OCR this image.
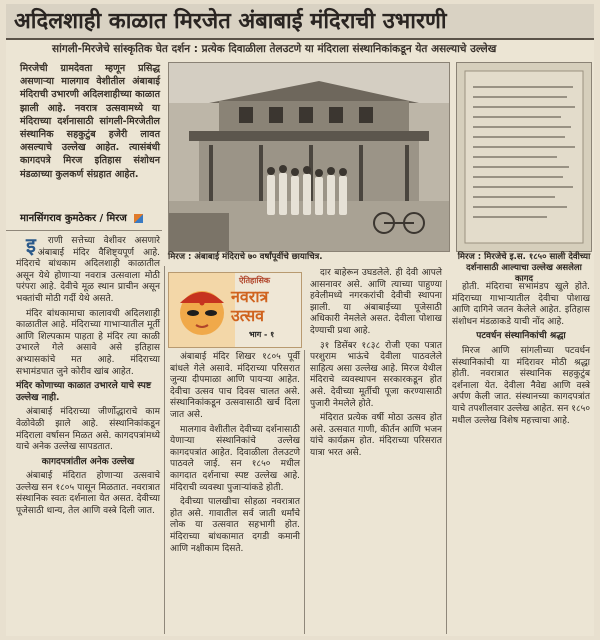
अदिलशाही काळात मिरजेत अंबाबाई मंदिराची उभारणी
सांगली-मिरजेचे सांस्कृतिक घेत दर्शन : प्रत्येक दिवाळीला तेलउटणे या मंदिराला संस्थानिकांकडून येत असल्याचे उल्लेख
मिरजेची ग्रामदेवता म्हणून प्रसिद्ध असणाऱ्या मालगाव वेशीतील अंबाबाई मंदिराची उभारणी अदिलशाहीच्या काळात झाली आहे. नवरात्र उत्सवामध्ये या मंदिराच्या दर्शनासाठी सांगली-मिरजेतील संस्थानिक सहकुटुंब हजेरी लावत असल्याचे उल्लेख आहेत. त्यासंबंधी कागदपत्रे मिरज इतिहास संशोधन मंडळाच्या कुलकर्ण संग्रहात आहेत.
मानसिंगराव कुमठेकर / मिरज
मिरज : अंबाबाई मंदिराचे ७० वर्षांपूर्वीचे छायाचित्र.	मिरज : मिरजेचे इ.स. १८५० साली देवीच्या दर्शनासाठी आल्याचा उल्लेख असलेला कागद
ऐतिहासिक
नवरात्र उत्सव
भाग - १

इराणी सत्तेच्या वेशीवर असणारे अंबाबाई मंदिर वैशिष्ट्यपूर्ण आहे. मंदिराचे बांधकाम अदिलशाही काळातील असून येथे होणाऱ्या नवरात्र उत्सवाला मोठी परंपरा आहे. देवीचे मूळ स्थान प्राचीन असून भक्तांची मोठी गर्दी येथे असते.

मंदिर बांधकामाचा कालावधी अदिलशाही काळातील आहे. मंदिराच्या गाभाऱ्यातील मूर्ती आणि शिल्पकाम पाहता हे मंदिर त्या काळी उभारले गेले असावे असे इतिहास अभ्यासकांचे मत आहे. मंदिराच्या सभामंडपात जुने कोरीव खांब आहेत.

मंदिर कोणाच्या काळात उभारले याचे स्पष्ट उल्लेख नाही.

अंबाबाई मंदिराच्या जीर्णोद्धाराचे काम वेळोवेळी झाले आहे. संस्थानिकांकडून मंदिराला वर्षासन मिळत असे. कागदपत्रांमध्ये याचे अनेक उल्लेख सापडतात.

कागदपत्रांतील अनेक उल्लेख

अंबाबाई मंदिरात होणाऱ्या उत्सवाचे उल्लेख सन १८०५ पासून मिळतात. नवरात्रात संस्थानिक स्वतः दर्शनाला येत असत. देवीच्या पूजेसाठी धान्य, तेल आणि वस्त्रे दिली जात.

अंबाबाई मंदिर शिखर १८०५ पूर्वी बांधले गेले असावे. मंदिराच्या परिसरात जुन्या दीपमाळा आणि पायऱ्या आहेत. देवीचा उत्सव पाच दिवस चालत असे. संस्थानिकांकडून उत्सवासाठी खर्च दिला जात असे.

मालगाव वेशीतील देवीच्या दर्शनासाठी येणाऱ्या संस्थानिकांचे उल्लेख कागदपत्रांत आहेत. दिवाळीला तेलउटणे पाठवले जाई. सन १८५० मधील कागदात दर्शनाचा स्पष्ट उल्लेख आहे. मंदिराची व्यवस्था पुजाऱ्यांकडे होती.

देवीच्या पालखीचा सोहळा नवरात्रात होत असे. गावातील सर्व जाती धर्मांचे लोक या उत्सवात सहभागी होत. मंदिराच्या बांधकामात दगडी कमानी आणि नक्षीकाम दिसते.

दार बाहेरून उघडलेले. ही देवी आपले आसनावर असे. आणि त्याच्या पाहुण्या हवेलीमध्ये नगरकरांची देवीची स्थापना झाली. या अंबाबाईच्या पूजेसाठी अधिकारी नेमलेले असत. देवीला पोशाख देण्याची प्रथा आहे.

३१ डिसेंबर १८३८ रोजी एका पत्रात परशुराम भाऊंचे देवीला पाठवलेले साहित्य असा उल्लेख आहे. मिरज येथील मंदिराचे व्यवस्थापन सरकारकडून होत असे. देवीच्या मूर्तीची पूजा करण्यासाठी पुजारी नेमलेले होते.

मंदिरात प्रत्येक वर्षी मोठा उत्सव होत असे. उत्सवात गाणी, कीर्तन आणि भजन यांचे कार्यक्रम होत. मंदिराच्या परिसरात यात्रा भरत असे.

होती. मंदिराचा सभामंडप खुले होते. मंदिराच्या गाभाऱ्यातील देवीचा पोशाख आणि दागिने जतन केलेले आहेत. इतिहास संशोधन मंडळाकडे याची नोंद आहे.

पटवर्धन संस्थानिकांची श्रद्धा

मिरज आणि सांगलीच्या पटवर्धन संस्थानिकांची या मंदिरावर मोठी श्रद्धा होती. नवरात्रात संस्थानिक सहकुटुंब दर्शनाला येत. देवीला नैवेद्य आणि वस्त्रे अर्पण केली जात. संस्थानच्या कागदपत्रांत याचे तपशीलवार उल्लेख आहेत. सन १८५० मधील उल्लेख विशेष महत्त्वाचा आहे.
